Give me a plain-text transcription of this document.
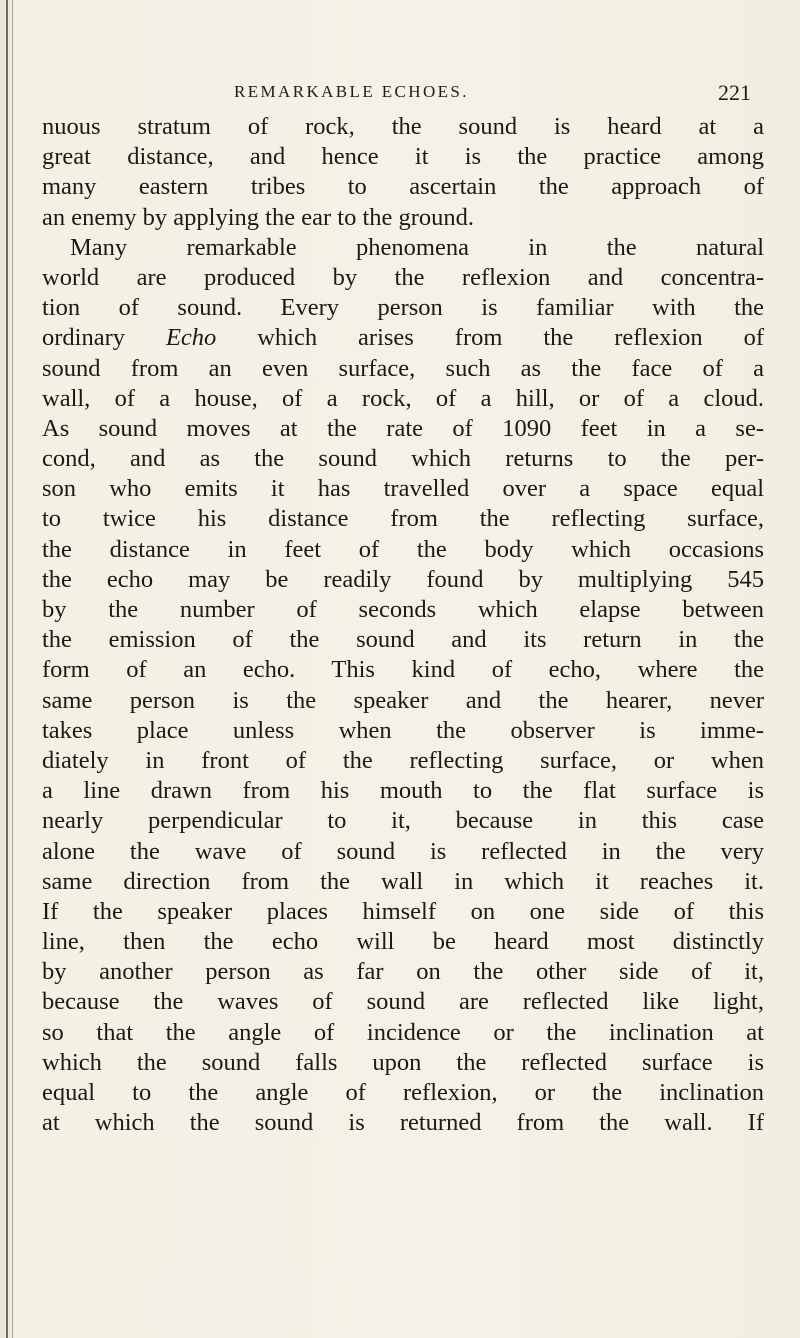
REMARKABLE ECHOES.	221
nuous stratum of rock, the sound is heard at a
great distance, and hence it is the practice among
many eastern tribes to ascertain the approach of
an enemy by applying the ear to the ground.
Many remarkable phenomena in the natural
world are produced by the reflexion and concentra-
tion of sound. Every person is familiar with the
ordinary Echo which arises from the reflexion of
sound from an even surface, such as the face of a
wall, of a house, of a rock, of a hill, or of a cloud.
As sound moves at the rate of 1090 feet in a se-
cond, and as the sound which returns to the per-
son who emits it has travelled over a space equal
to twice his distance from the reflecting surface,
the distance in feet of the body which occasions
the echo may be readily found by multiplying 545
by the number of seconds which elapse between
the emission of the sound and its return in the
form of an echo. This kind of echo, where the
same person is the speaker and the hearer, never
takes place unless when the observer is imme-
diately in front of the reflecting surface, or when
a line drawn from his mouth to the flat surface is
nearly perpendicular to it, because in this case
alone the wave of sound is reflected in the very
same direction from the wall in which it reaches it.
If the speaker places himself on one side of this
line, then the echo will be heard most distinctly
by another person as far on the other side of it,
because the waves of sound are reflected like light,
so that the angle of incidence or the inclination at
which the sound falls upon the reflected surface is
equal to the angle of reflexion, or the inclination
at which the sound is returned from the wall. If
